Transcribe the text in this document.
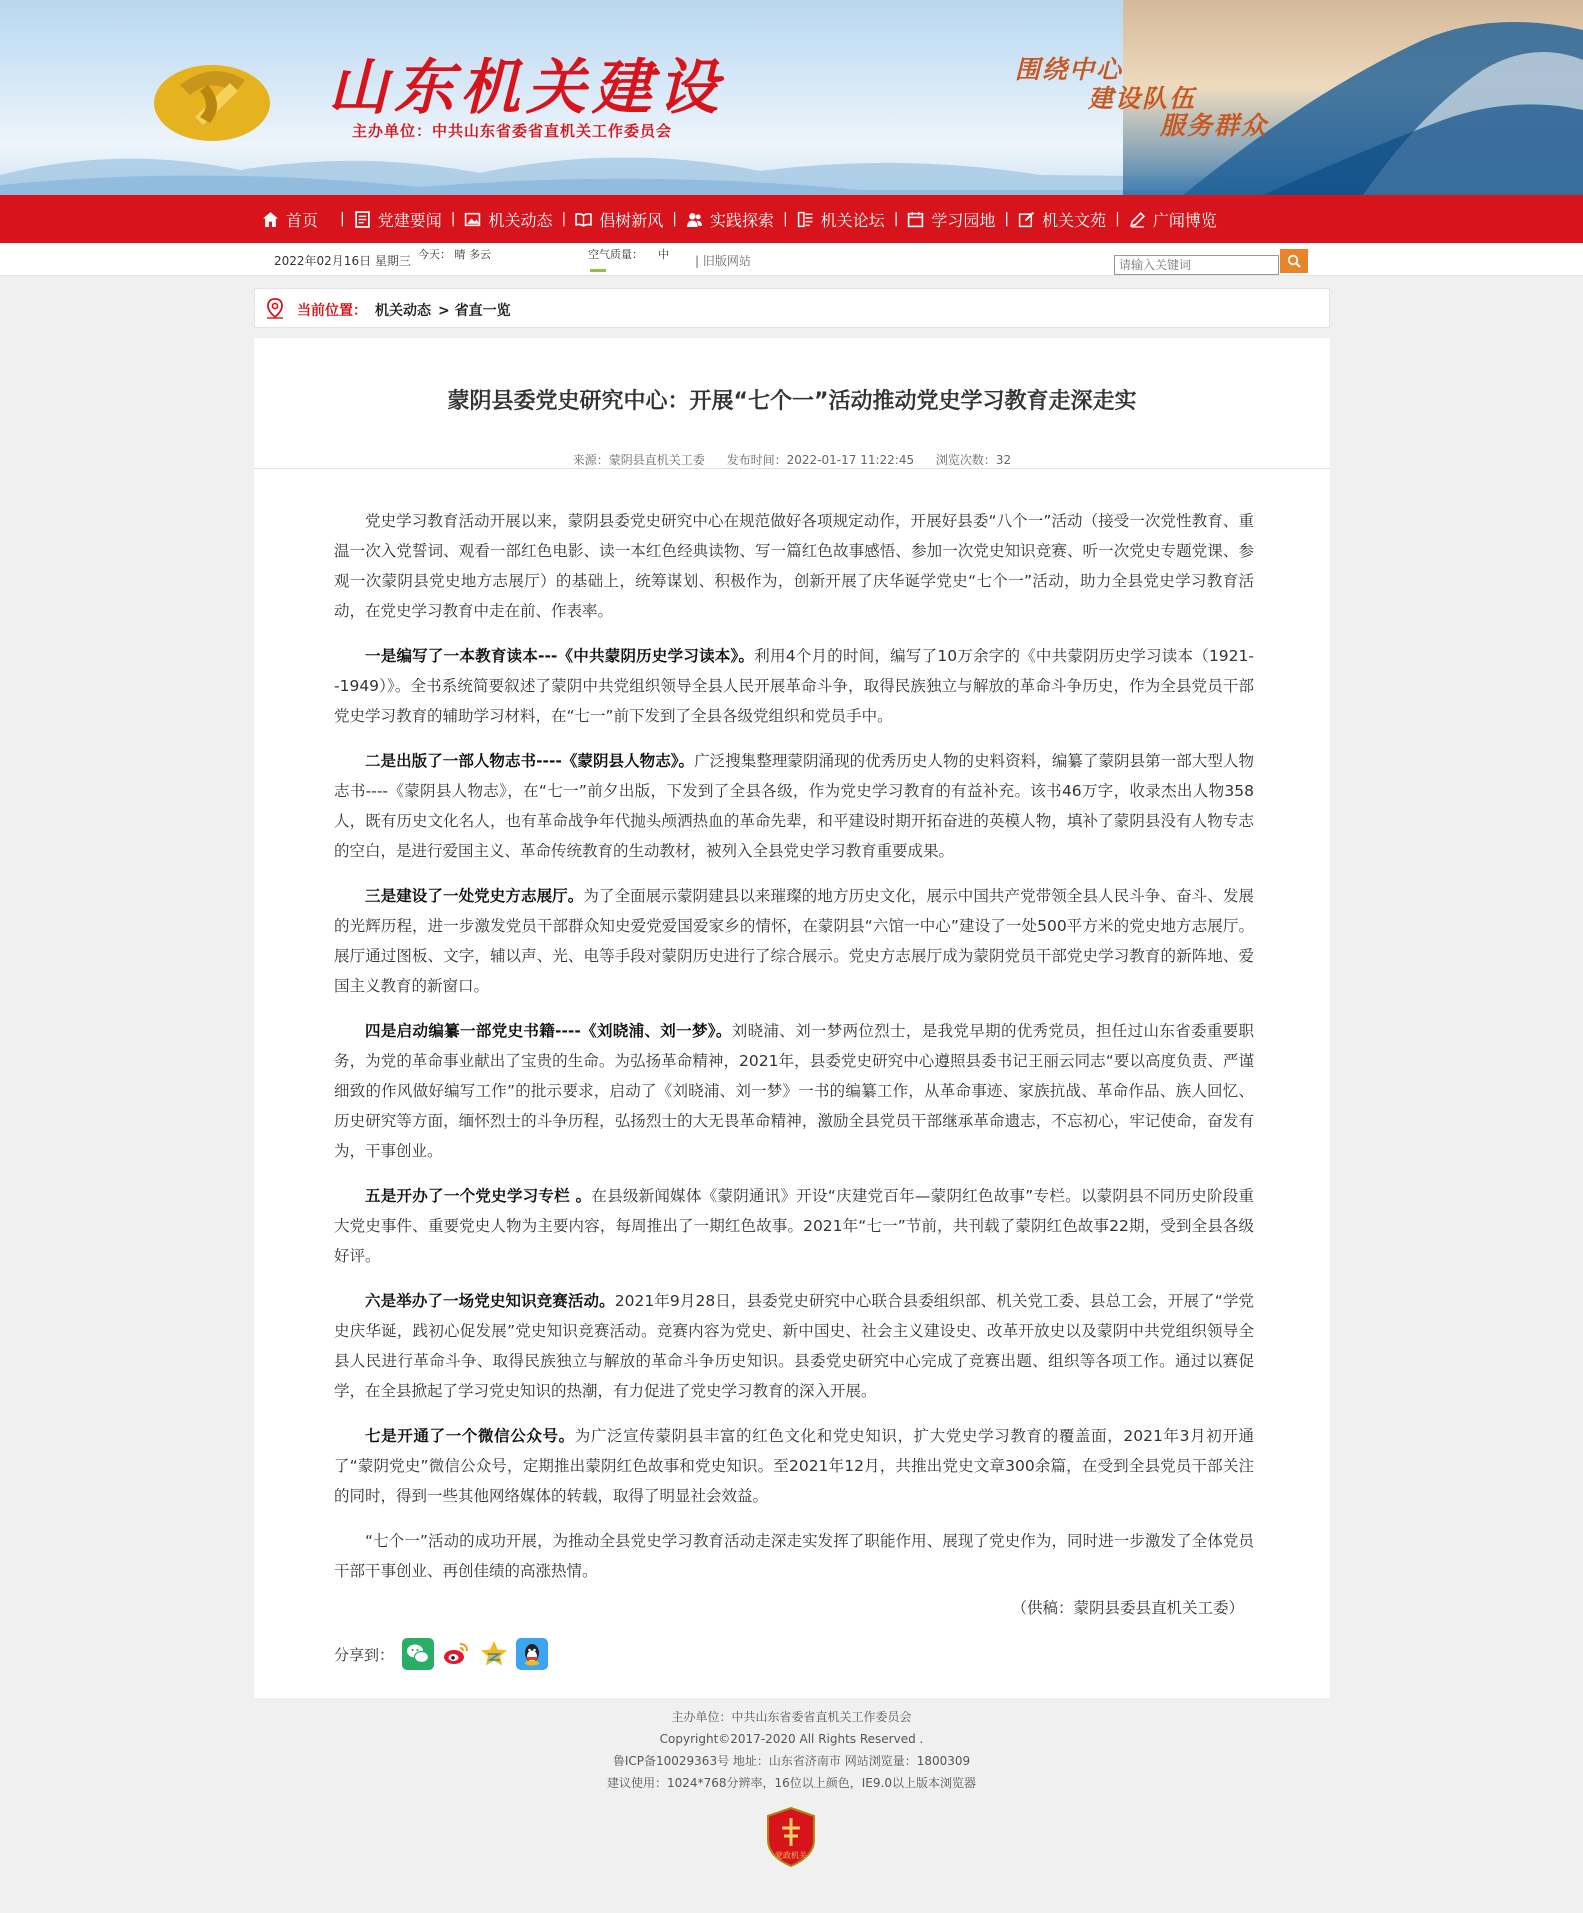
山东机关建设
主办单位：中共山东省委省直机关工作委员会
围绕中心
建设队伍
服务群众
首页 | 党建要闻 | 机关动态 | 倡树新风 | 实践探索 | 机关论坛 | 学习园地 | 机关文苑 | 广闻博览
2022年02月16日 星期三 今天： 晴 多云	空气质量： 中 | 旧版网站
请输入关键词
当前位置： 机关动态 > 省直一览
蒙阴县委党史研究中心：开展“七个一”活动推动党史学习教育走深走实
来源：蒙阴县直机关工委 发布时间：2022-01-17 11:22:45 浏览次数：32

党史学习教育活动开展以来，蒙阴县委党史研究中心在规范做好各项规定动作，开展好县委“八个一”活动（接受一次党性教育、重温一次入党誓词、观看一部红色电影、读一本红色经典读物、写一篇红色故事感悟、参加一次党史知识竞赛、听一次党史专题党课、参观一次蒙阴县党史地方志展厅）的基础上，统筹谋划、积极作为，创新开展了庆华诞学党史“七个一”活动，助力全县党史学习教育活动，在党史学习教育中走在前、作表率。

一是编写了一本教育读本---《中共蒙阴历史学习读本》。利用4个月的时间，编写了10万余字的《中共蒙阴历史学习读本（1921--1949）》。全书系统简要叙述了蒙阴中共党组织领导全县人民开展革命斗争，取得民族独立与解放的革命斗争历史，作为全县党员干部党史学习教育的辅助学习材料，在“七一”前下发到了全县各级党组织和党员手中。

二是出版了一部人物志书----《蒙阴县人物志》。广泛搜集整理蒙阴涌现的优秀历史人物的史料资料，编纂了蒙阴县第一部大型人物志书----《蒙阴县人物志》，在“七一”前夕出版，下发到了全县各级，作为党史学习教育的有益补充。该书46万字，收录杰出人物358人，既有历史文化名人，也有革命战争年代抛头颅洒热血的革命先辈，和平建设时期开拓奋进的英模人物，填补了蒙阴县没有人物专志的空白，是进行爱国主义、革命传统教育的生动教材，被列入全县党史学习教育重要成果。

三是建设了一处党史方志展厅。为了全面展示蒙阴建县以来璀璨的地方历史文化，展示中国共产党带领全县人民斗争、奋斗、发展的光辉历程，进一步激发党员干部群众知史爱党爱国爱家乡的情怀，在蒙阴县“六馆一中心”建设了一处500平方米的党史地方志展厅。展厅通过图板、文字，辅以声、光、电等手段对蒙阴历史进行了综合展示。党史方志展厅成为蒙阴党员干部党史学习教育的新阵地、爱国主义教育的新窗口。

四是启动编纂一部党史书籍----《刘晓浦、刘一梦》。刘晓浦、刘一梦两位烈士，是我党早期的优秀党员，担任过山东省委重要职务，为党的革命事业献出了宝贵的生命。为弘扬革命精神，2021年，县委党史研究中心遵照县委书记王丽云同志“要以高度负责、严谨细致的作风做好编写工作”的批示要求，启动了《刘晓浦、刘一梦》一书的编纂工作，从革命事迹、家族抗战、革命作品、族人回忆、历史研究等方面，缅怀烈士的斗争历程，弘扬烈士的大无畏革命精神，激励全县党员干部继承革命遗志，不忘初心，牢记使命，奋发有为，干事创业。

五是开办了一个党史学习专栏 。在县级新闻媒体《蒙阴通讯》开设“庆建党百年—蒙阴红色故事”专栏。以蒙阴县不同历史阶段重大党史事件、重要党史人物为主要内容，每周推出了一期红色故事。2021年“七一”节前，共刊载了蒙阴红色故事22期，受到全县各级好评。

六是举办了一场党史知识竞赛活动。2021年9月28日，县委党史研究中心联合县委组织部、机关党工委、县总工会，开展了“学党史庆华诞，践初心促发展”党史知识竞赛活动。竞赛内容为党史、新中国史、社会主义建设史、改革开放史以及蒙阴中共党组织领导全县人民进行革命斗争、取得民族独立与解放的革命斗争历史知识。县委党史研究中心完成了竞赛出题、组织等各项工作。通过以赛促学，在全县掀起了学习党史知识的热潮，有力促进了党史学习教育的深入开展。

七是开通了一个微信公众号。为广泛宣传蒙阴县丰富的红色文化和党史知识，扩大党史学习教育的覆盖面，2021年3月初开通了“蒙阴党史”微信公众号，定期推出蒙阴红色故事和党史知识。至2021年12月，共推出党史文章300余篇，在受到全县党员干部关注的同时，得到一些其他网络媒体的转载，取得了明显社会效益。

“七个一”活动的成功开展，为推动全县党史学习教育活动走深走实发挥了职能作用、展现了党史作为，同时进一步激发了全体党员干部干事创业、再创佳绩的高涨热情。

（供稿：蒙阴县委县直机关工委）
分享到：
主办单位：中共山东省委省直机关工作委员会
Copyright©2017-2020 All Rights Reserved .
鲁ICP备10029363号 地址：山东省济南市 网站浏览量：1800309
建议使用：1024*768分辨率，16位以上颜色，IE9.0以上版本浏览器
党政机关
